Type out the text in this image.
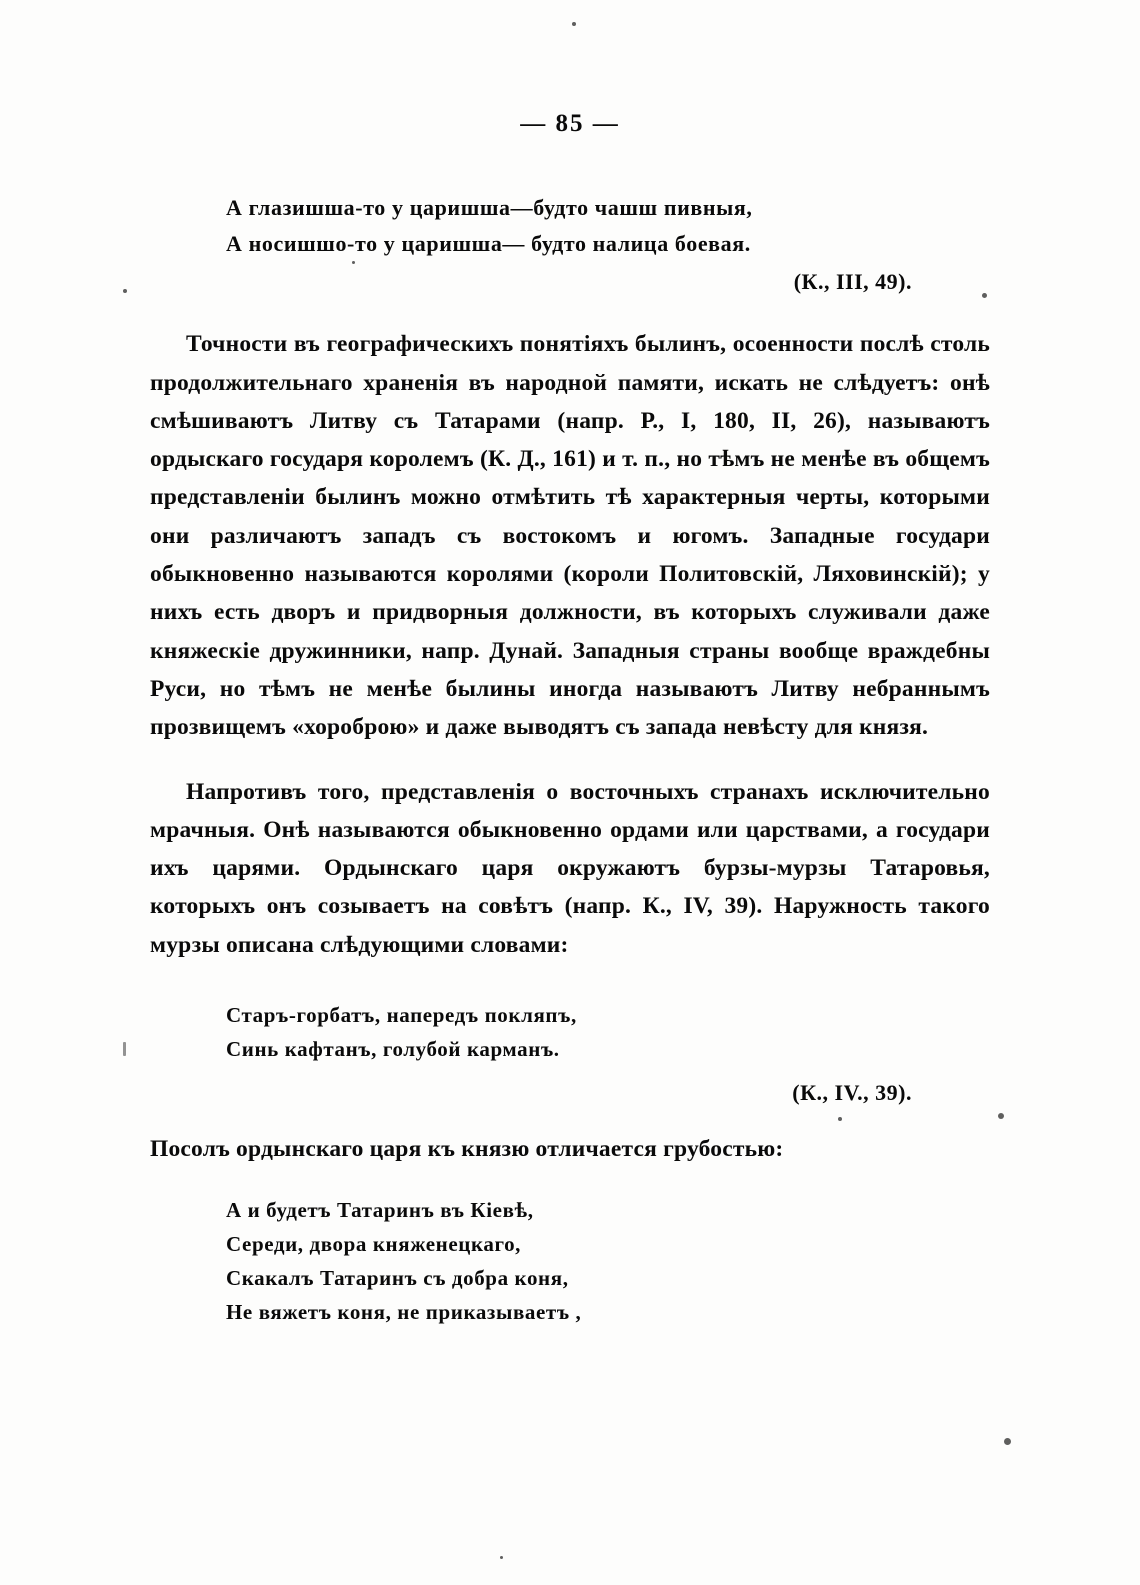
— 85 —
А глазишша-то у царишша—будто чашш пивныя,
А носишшо-то у царишша— будто налица боевая.
(К., III, 49).

Точности въ географическихъ понятіяхъ былинъ, осоенности послѣ столь продолжительнаго храненія въ народной памяти, искать не слѣдуетъ: онѣ смѣшиваютъ Литву съ Татарами (напр. Р., I, 180, II, 26), называютъ ордыскаго государя королемъ (К. Д., 161) и т. п., но тѣмъ не менѣе въ общемъ представленіи былинъ можно отмѣтить тѣ характерныя черты, которыми они различаютъ западъ съ востокомъ и югомъ. Западные государи обыкновенно называются королями (короли Политовскій, Ляховинскій); у нихъ есть дворъ и придворныя должности, въ которыхъ служивали даже княжескіе дружинники, напр. Дунай. Западныя страны вообще враждебны Руси, но тѣмъ не менѣе былины иногда называютъ Литву небраннымъ прозвищемъ «хороброю» и даже выводятъ съ запада невѣсту для князя.

Напротивъ того, представленія о восточныхъ странахъ исключительно мрачныя. Онѣ называются обыкновенно ордами или царствами, а государи ихъ царями. Ордынскаго царя окружаютъ бурзы-мурзы Татаровья, которыхъ онъ созываетъ на совѣтъ (напр. К., IV, 39). Наружность такого мурзы описана слѣдующими словами:

Старъ-горбатъ, напередъ покляпъ,
Синь кафтанъ, голубой карманъ.
(К., IV., 39).

Посолъ ордынскаго царя къ князю отличается грубостью:

А и будетъ Татаринъ въ Кіевѣ,
Середи, двора княженецкаго,
Скакалъ Татаринъ съ добра коня,
Не вяжетъ коня, не приказываетъ ,
